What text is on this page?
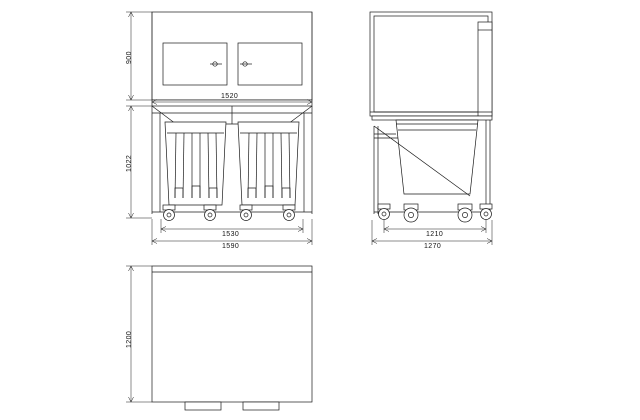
900
1022
1520
1530
1590
1210
1270
1200
